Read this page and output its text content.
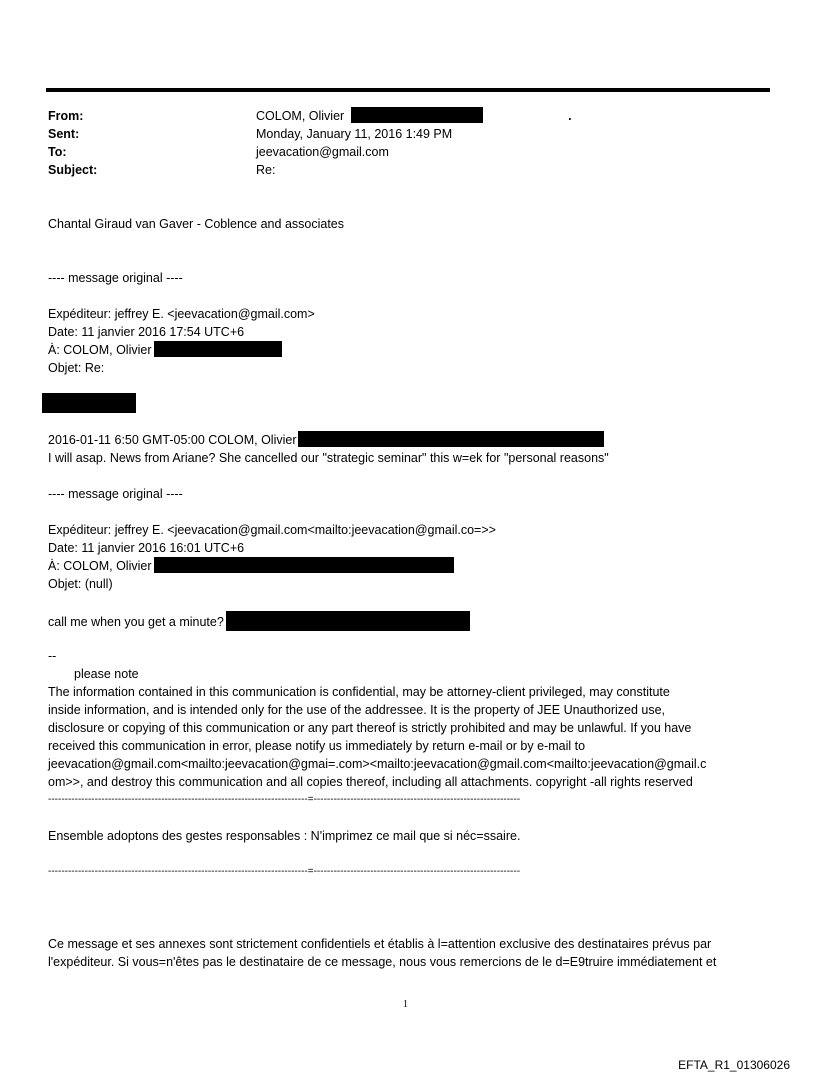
From:	COLOM, Olivier	.
Sent:	Monday, January 11, 2016 1:49 PM
To:	jeevacation@gmail.com
Subject:	Re:
Chantal Giraud van Gaver - Coblence and associates
---- message original ----
Expéditeur: jeffrey E. <jeevacation@gmail.com>
Date: 11 janvier 2016 17:54 UTC+6
À: COLOM, Olivier
Objet: Re:
2016-01-11 6:50 GMT-05:00 COLOM, Olivier
I will asap. News from Ariane? She cancelled our "strategic seminar" this w=ek for "personal reasons"
---- message original ----
Expéditeur: jeffrey E. <jeevacation@gmail.com<mailto:jeevacation@gmail.co=>>
Date: 11 janvier 2016 16:01 UTC+6
À: COLOM, Olivier
Objet: (null)
call me when you get a minute?
--
please note
The information contained in this communication is confidential, may be attorney-client privileged, may constitute
inside information, and is intended only for the use of the addressee. It is the property of JEE Unauthorized use,
disclosure or copying of this communication or any part thereof is strictly prohibited and may be unlawful. If you have
received this communication in error, please notify us immediately by return e-mail or by e-mail to
jeevacation@gmail.com<mailto:jeevacation@gmai=.com><mailto:jeevacation@gmail.com<mailto:jeevacation@gmail.c
om>>, and destroy this communication and all copies thereof, including all attachments. copyright -all rights reserved
------------------------------------------------------------------------------=--------------------------------------------------------------
Ensemble adoptons des gestes responsables : N'imprimez ce mail que si néc=ssaire.
------------------------------------------------------------------------------=--------------------------------------------------------------
Ce message et ses annexes sont strictement confidentiels et établis à l=attention exclusive des destinataires prévus par
l'expéditeur. Si vous=n'êtes pas le destinataire de ce message, nous vous remercions de le d=E9truire immédiatement et
1
EFTA_R1_01306026
